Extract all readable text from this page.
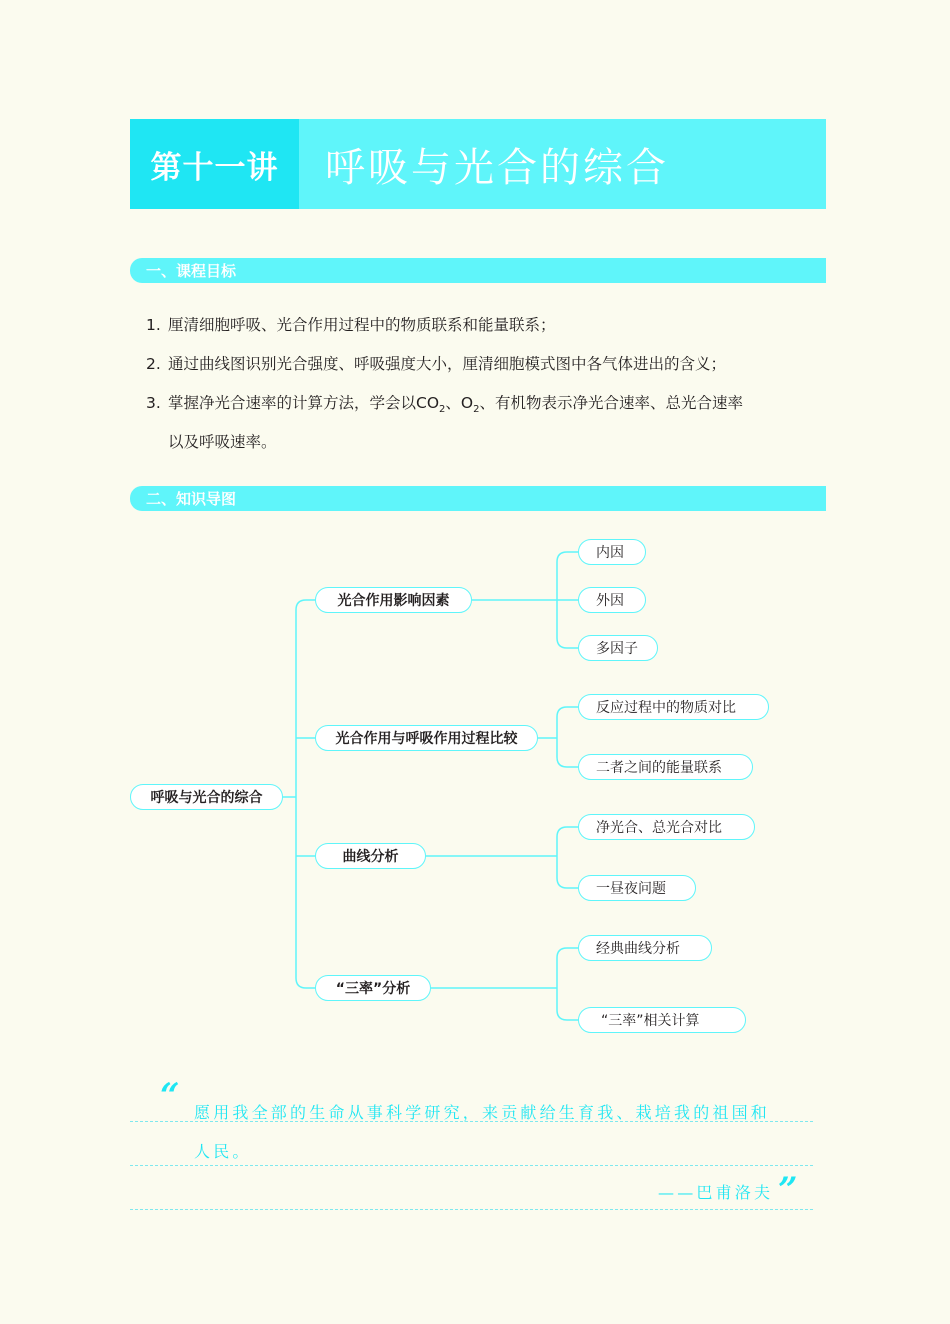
第十一讲	呼吸与光合的综合
一、课程目标
1. 厘清细胞呼吸、光合作用过程中的物质联系和能量联系；
2. 通过曲线图识别光合强度、呼吸强度大小，厘清细胞模式图中各气体进出的含义；
3. 掌握净光合速率的计算方法，学会以$CO_2$、$O_2$、有机物表示净光合速率、总光合速率
以及呼吸速率。
二、知识导图
呼吸与光合的综合
光合作用影响因素
光合作用与呼吸作用过程比较
曲线分析
“三率”分析
内因
外因
多因子
反应过程中的物质对比
二者之间的能量联系
净光合、总光合对比
一昼夜问题
经典曲线分析
“三率”相关计算
“ 愿用我全部的生命从事科学研究，来贡献给生育我、栽培我的祖国和
人民。
——巴甫洛夫 ”
